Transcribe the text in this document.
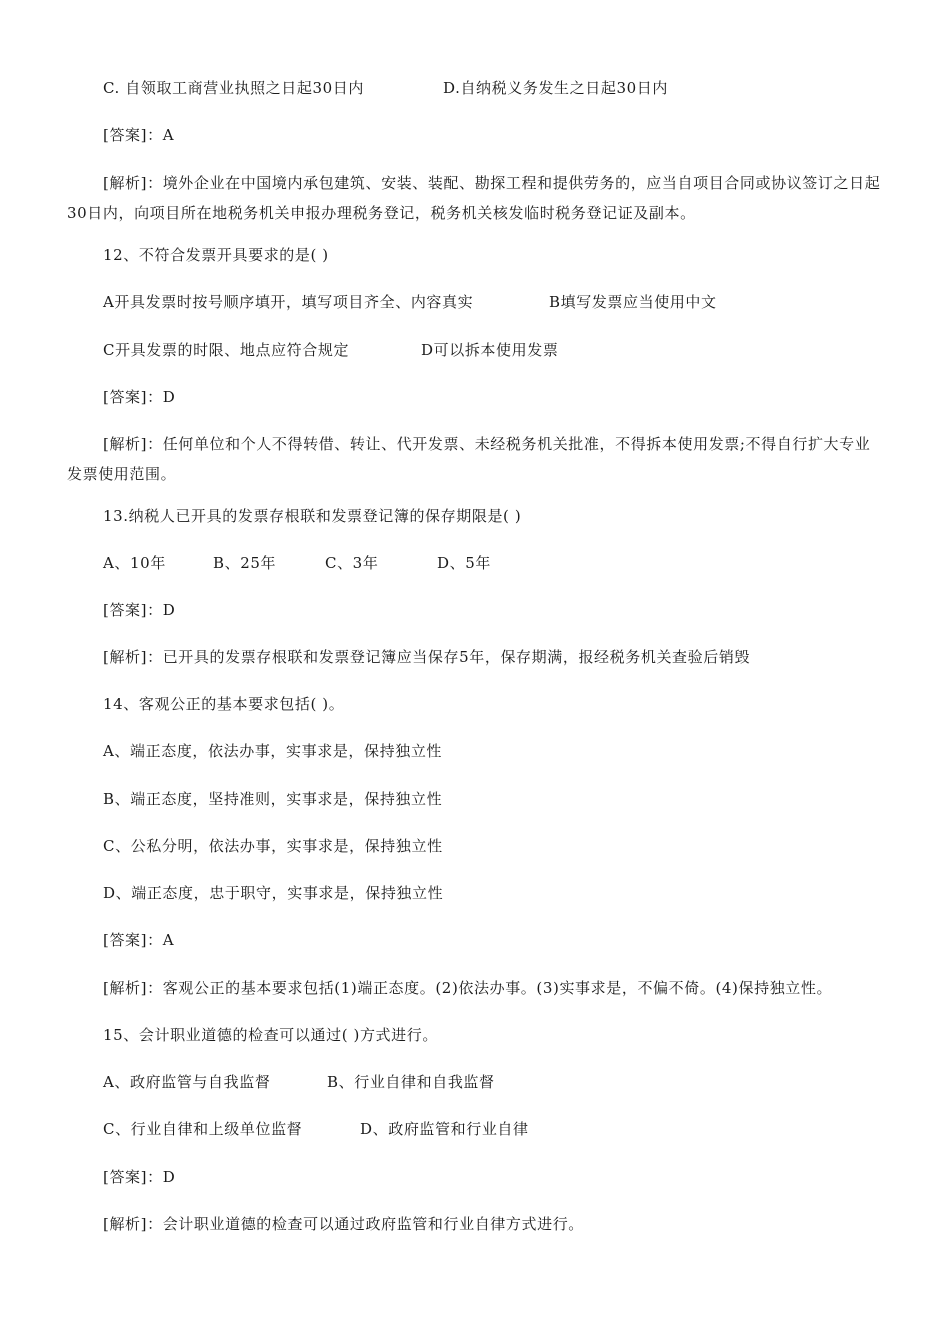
C. 自领取工商营业执照之日起30日内	D.自纳税义务发生之日起30日内
[答案]：A
[解析]：境外企业在中国境内承包建筑、安装、装配、勘探工程和提供劳务的，应当自项目合同或协议签订之日起30日内，向项目所在地税务机关申报办理税务登记，税务机关核发临时税务登记证及副本。
12、不符合发票开具要求的是( )
A开具发票时按号顺序填开，填写项目齐全、内容真实	B填写发票应当使用中文
C开具发票的时限、地点应符合规定	D可以拆本使用发票
[答案]：D
[解析]：任何单位和个人不得转借、转让、代开发票、未经税务机关批准，不得拆本使用发票;不得自行扩大专业发票使用范围。
13.纳税人已开具的发票存根联和发票登记簿的保存期限是( )
A、10年	B、25年	C、3年	D、5年
[答案]：D
[解析]：已开具的发票存根联和发票登记簿应当保存5年，保存期满，报经税务机关查验后销毁
14、客观公正的基本要求包括( )。
A、端正态度，依法办事，实事求是，保持独立性
B、端正态度，坚持准则，实事求是，保持独立性
C、公私分明，依法办事，实事求是，保持独立性
D、端正态度，忠于职守，实事求是，保持独立性
[答案]：A
[解析]：客观公正的基本要求包括(1)端正态度。(2)依法办事。(3)实事求是，不偏不倚。(4)保持独立性。
15、会计职业道德的检查可以通过( )方式进行。
A、政府监管与自我监督	B、行业自律和自我监督
C、行业自律和上级单位监督	D、政府监管和行业自律
[答案]：D
[解析]：会计职业道德的检查可以通过政府监管和行业自律方式进行。
